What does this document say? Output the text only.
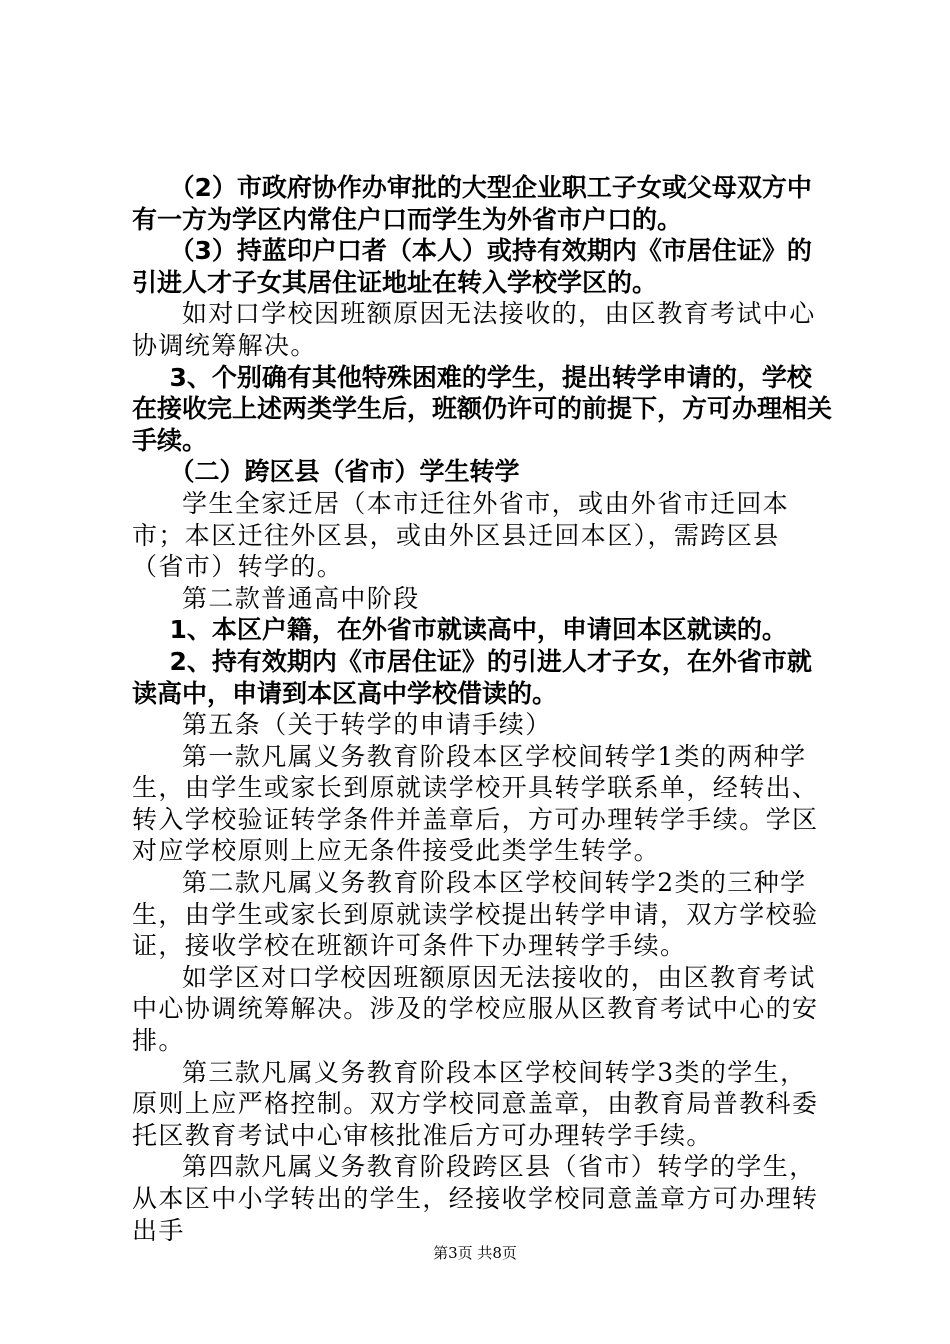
（2）市政府协作办审批的大型企业职工子女或父母双方中有一方为学区内常住户口而学生为外省市户口的。

（3）持蓝印户口者（本人）或持有效期内《市居住证》的引进人才子女其居住证地址在转入学校学区的。

如对口学校因班额原因无法接收的，由区教育考试中心协调统筹解决。

3、个别确有其他特殊困难的学生，提出转学申请的，学校在接收完上述两类学生后，班额仍许可的前提下，方可办理相关手续。

（二）跨区县（省市）学生转学

学生全家迁居（本市迁往外省市，或由外省市迁回本市；本区迁往外区县，或由外区县迁回本区），需跨区县（省市）转学的。

第二款普通高中阶段

1、本区户籍，在外省市就读高中，申请回本区就读的。

2、持有效期内《市居住证》的引进人才子女，在外省市就读高中，申请到本区高中学校借读的。

第五条（关于转学的申请手续）

第一款凡属义务教育阶段本区学校间转学1类的两种学生，由学生或家长到原就读学校开具转学联系单，经转出、转入学校验证转学条件并盖章后，方可办理转学手续。学区对应学校原则上应无条件接受此类学生转学。

第二款凡属义务教育阶段本区学校间转学2类的三种学生，由学生或家长到原就读学校提出转学申请，双方学校验证，接收学校在班额许可条件下办理转学手续。

如学区对口学校因班额原因无法接收的，由区教育考试中心协调统筹解决。涉及的学校应服从区教育考试中心的安排。

第三款凡属义务教育阶段本区学校间转学3类的学生，原则上应严格控制。双方学校同意盖章，由教育局普教科委托区教育考试中心审核批准后方可办理转学手续。

第四款凡属义务教育阶段跨区县（省市）转学的学生，从本区中小学转出的学生，经接收学校同意盖章方可办理转出手

第3页 共8页
